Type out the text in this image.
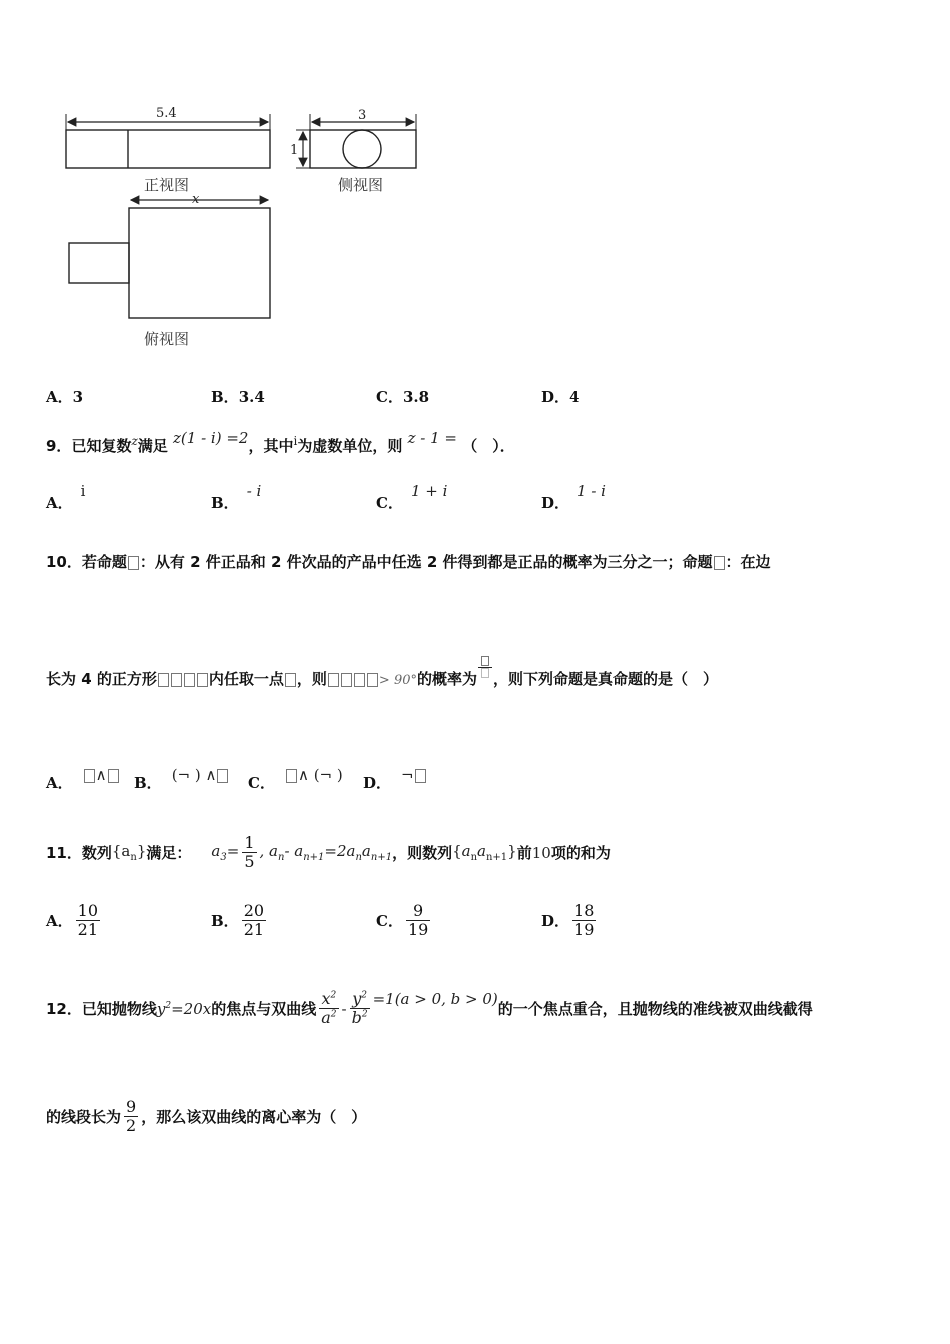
5.4
正视图
3
1
侧视图
x
俯视图
A．3	B．3.4	C．3.8	D．4
9．已知复数$^z$满足 z(1 - i) =2，其中$^i$为虚数单位，则 z - 1 = （　）．
A．i
B．- i
C．1 + i
D．1 - i
10．若命题 ：从有 2 件正品和 2 件次品的产品中任选 2 件得到都是正品的概率为三分之一；命题 ：在边
长为 4 的正方形	内任取一点 ，则	> 90°的概率为 ，则下列命题是真命题的是（　）
A． ∧	B． (¬ ) ∧	C． ∧ (¬ ) D． ¬
11． 数列 $\{a_n\}$ 满足： $a_3= \frac{1}{5}$ , $a_n-$ $a_{n+1}=2a_na_{n+1}$ ，则数列 $\{a_na_{n+1}\}$ 前 10 项的和为
A． $\frac{10}{21}$	B． $\frac{20}{21}$	C． $\frac{9}{19}$	D． $\frac{18}{19}$
12． 已知抛物线 $y^2=20x$ 的焦点与双曲线 $\frac{x^2}{a^2} - \frac{y^2}{b^2} =1(a > 0$, b > 0)
的一个焦点重合，且抛物线的准线被双曲线截得
的线段长为 $\frac{9}{2}$ ，那么该双曲线的离心率为（　）
